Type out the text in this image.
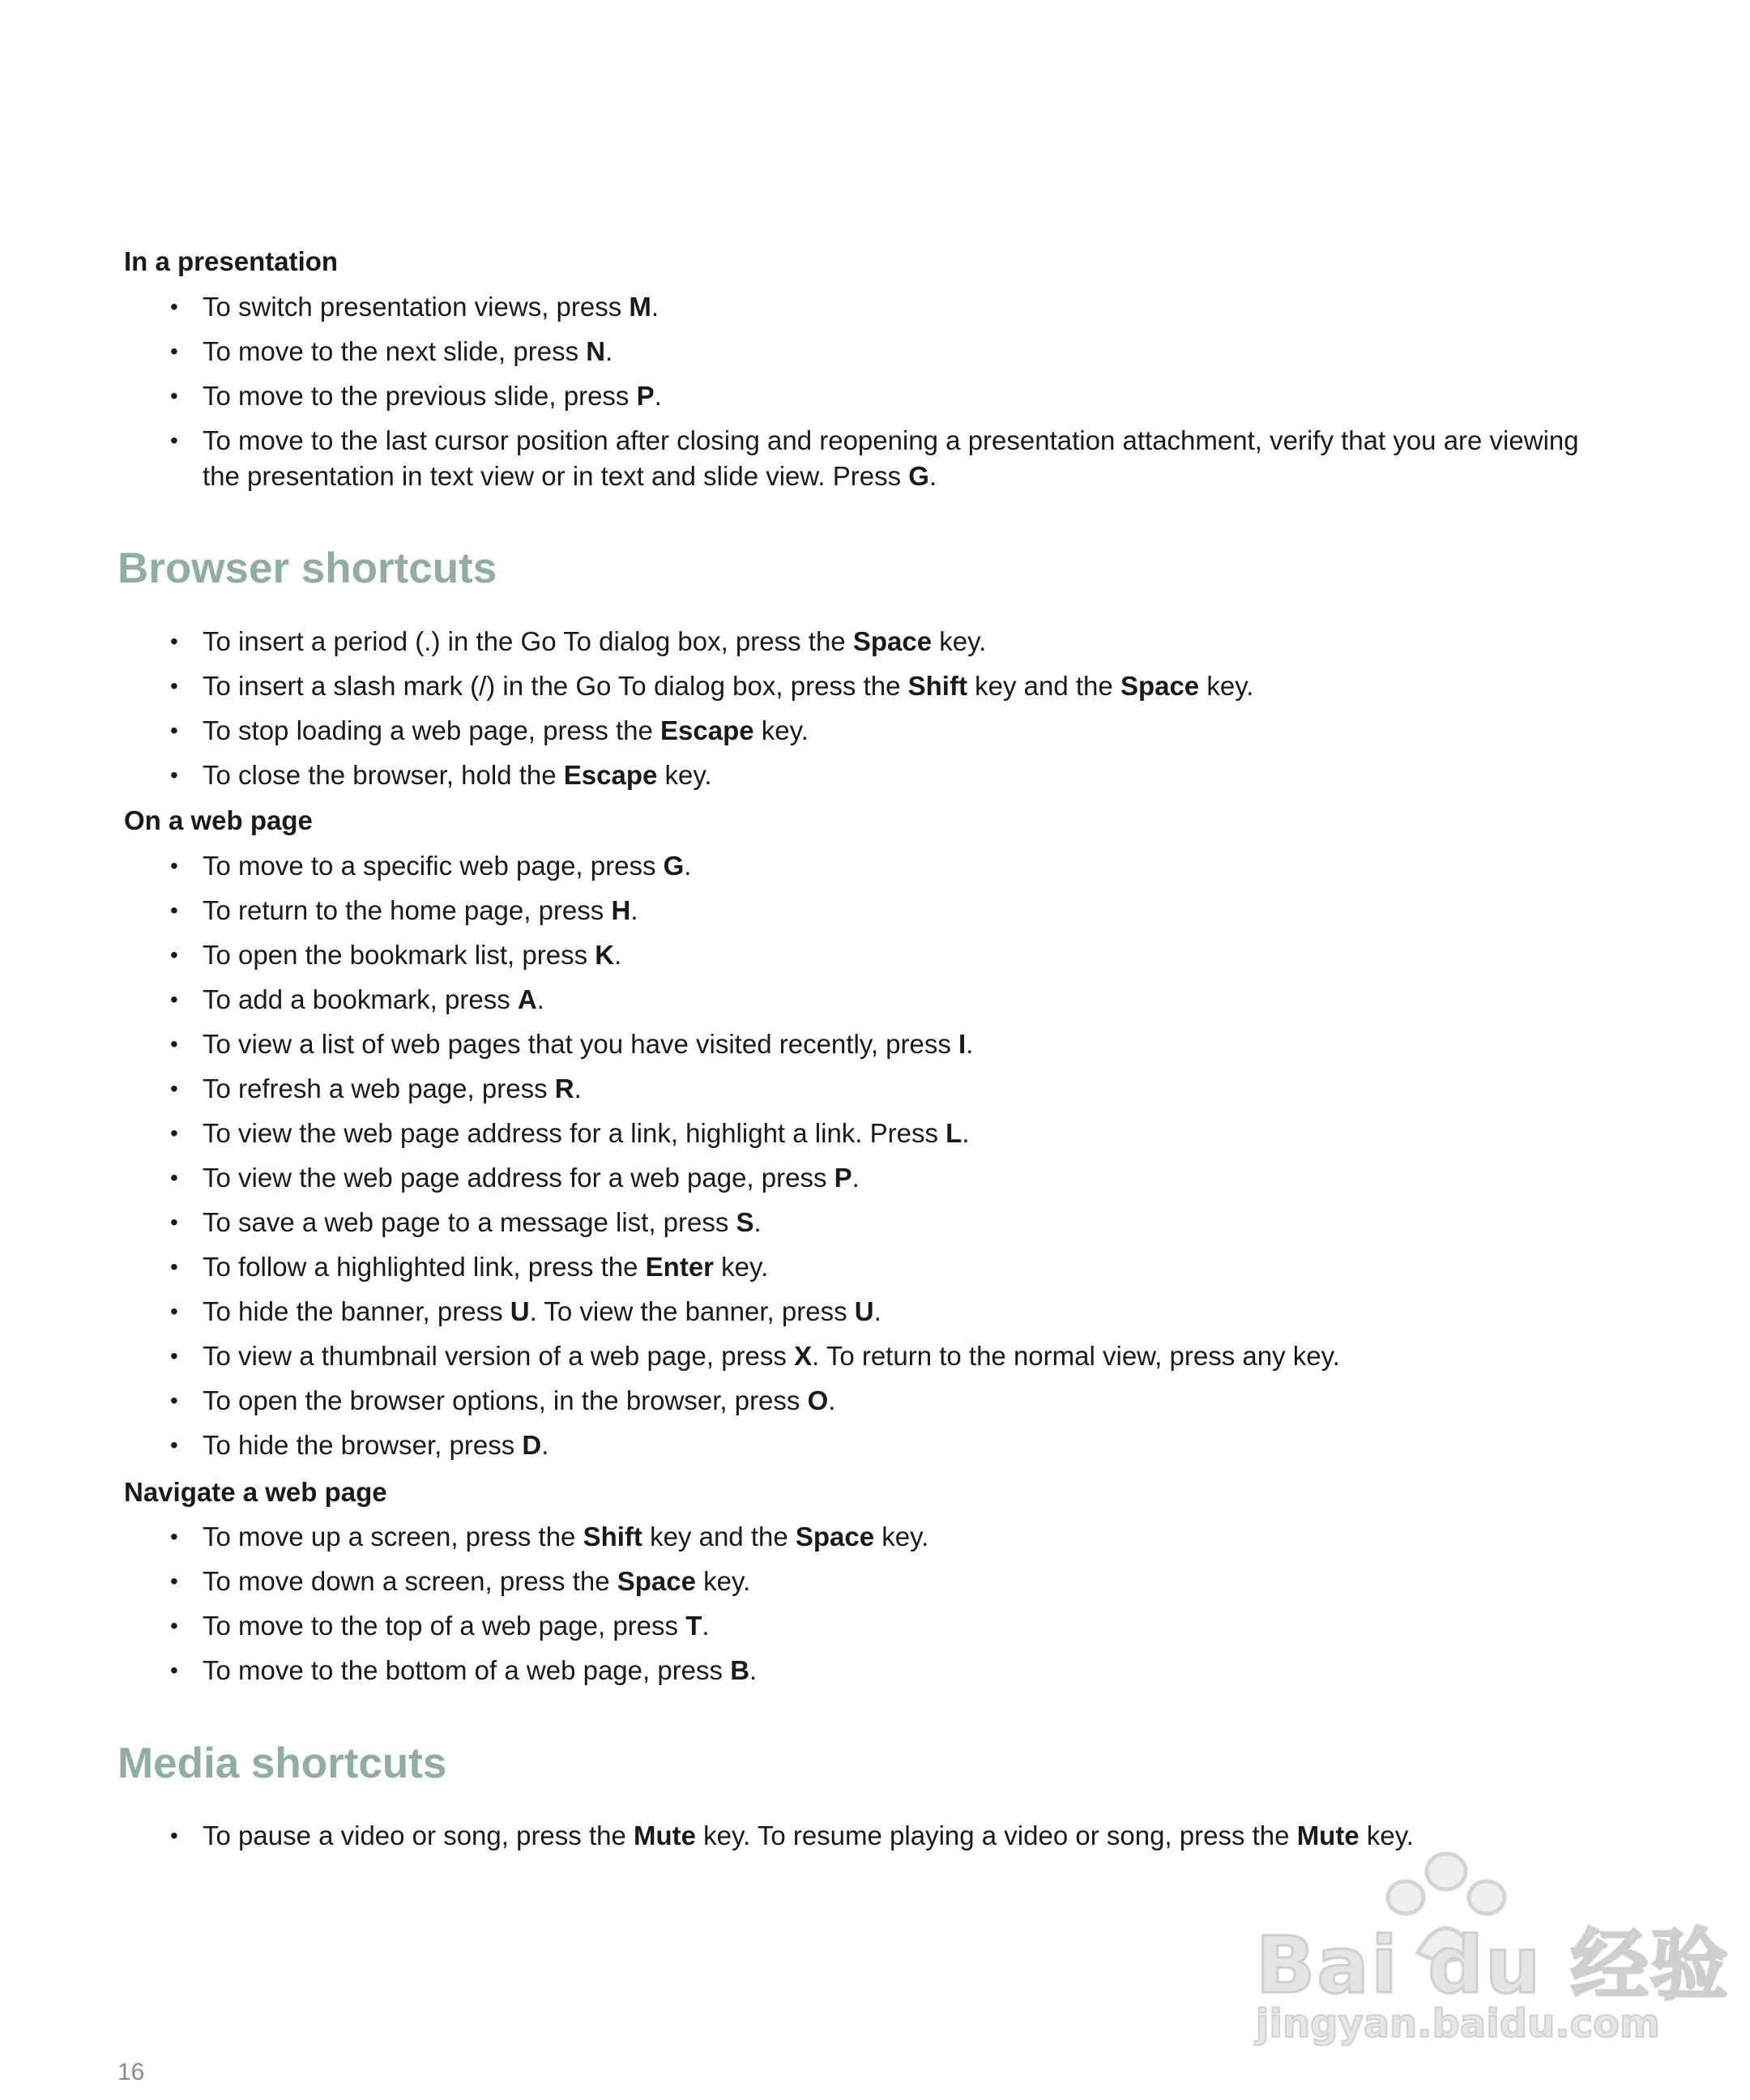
In a presentation
• To switch presentation views, press M.
• To move to the next slide, press N.
• To move to the previous slide, press P.
• To move to the last cursor position after closing and reopening a presentation attachment, verify that you are viewing the presentation in text view or in text and slide view. Press G.
Browser shortcuts
• To insert a period (.) in the Go To dialog box, press the Space key.
• To insert a slash mark (/) in the Go To dialog box, press the Shift key and the Space key.
• To stop loading a web page, press the Escape key.
• To close the browser, hold the Escape key.
On a web page
• To move to a specific web page, press G.
• To return to the home page, press H.
• To open the bookmark list, press K.
• To add a bookmark, press A.
• To view a list of web pages that you have visited recently, press I.
• To refresh a web page, press R.
• To view the web page address for a link, highlight a link. Press L.
• To view the web page address for a web page, press P.
• To save a web page to a message list, press S.
• To follow a highlighted link, press the Enter key.
• To hide the banner, press U. To view the banner, press U.
• To view a thumbnail version of a web page, press X. To return to the normal view, press any key.
• To open the browser options, in the browser, press O.
• To hide the browser, press D.
Navigate a web page
• To move up a screen, press the Shift key and the Space key.
• To move down a screen, press the Space key.
• To move to the top of a web page, press T.
• To move to the bottom of a web page, press B.
Media shortcuts
• To pause a video or song, press the Mute key. To resume playing a video or song, press the Mute key.
16
Bai du 经验
jingyan.baidu.com
